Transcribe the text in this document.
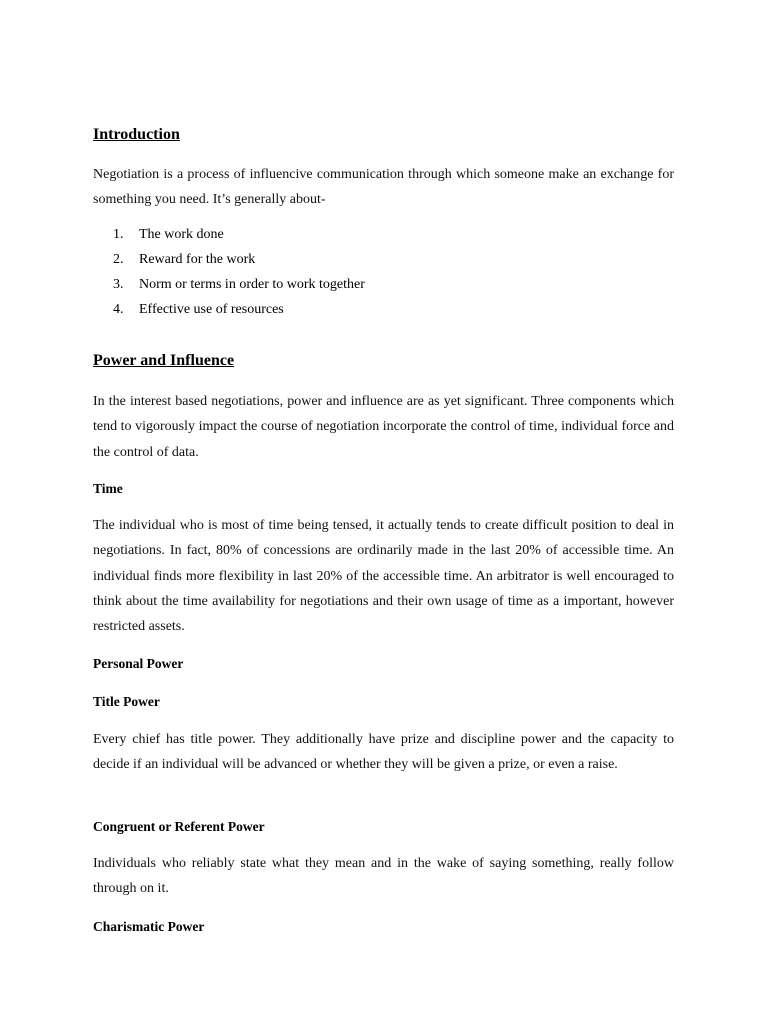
Introduction

Negotiation is a process of influencive communication through which someone make an exchange for something you need. It’s generally about-

1.	The work done
2.	Reward for the work
3.	Norm or terms in order to work together
4.	Effective use of resources
Power and Influence

In the interest based negotiations, power and influence are as yet significant. Three components which tend to vigorously impact the course of negotiation incorporate the control of time, individual force and the control of data.

Time

The individual who is most of time being tensed, it actually tends to create difficult position to deal in negotiations. In fact, 80% of concessions are ordinarily made in the last 20% of accessible time. An individual finds more flexibility in last 20% of the accessible time. An arbitrator is well encouraged to think about the time availability for negotiations and their own usage of time as a important, however restricted assets.

Personal Power
Title Power

Every chief has title power. They additionally have prize and discipline power and the capacity to decide if an individual will be advanced or whether they will be given a prize, or even a raise.

Congruent or Referent Power

Individuals who reliably state what they mean and in the wake of saying something, really follow through on it.

Charismatic Power
